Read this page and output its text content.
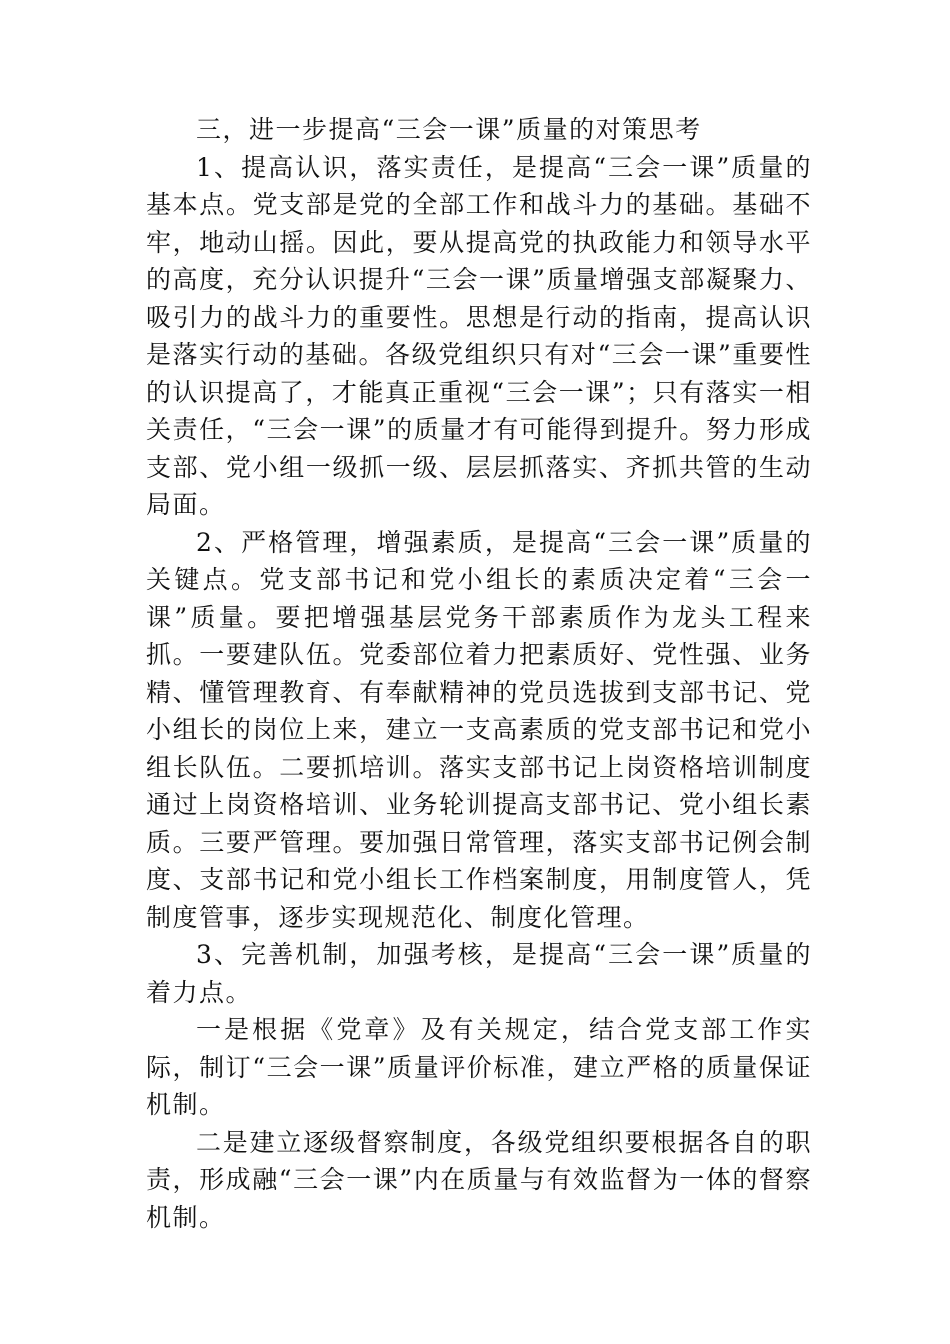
三，进一步提高“三会一课”质量的对策思考

1、提高认识，落实责任，是提高“三会一课”质量的基本点。党支部是党的全部工作和战斗力的基础。基础不牢，地动山摇。因此，要从提高党的执政能力和领导水平的高度，充分认识提升“三会一课”质量增强支部凝聚力、吸引力的战斗力的重要性。思想是行动的指南，提高认识是落实行动的基础。各级党组织只有对“三会一课”重要性的认识提高了，才能真正重视“三会一课”；只有落实一相关责任，“三会一课”的质量才有可能得到提升。努力形成支部、党小组一级抓一级、层层抓落实、齐抓共管的生动局面。

2、严格管理，增强素质，是提高“三会一课”质量的关键点。党支部书记和党小组长的素质决定着“三会一课”质量。要把增强基层党务干部素质作为龙头工程来抓。一要建队伍。党委部位着力把素质好、党性强、业务精、懂管理教育、有奉献精神的党员选拔到支部书记、党小组长的岗位上来，建立一支高素质的党支部书记和党小组长队伍。二要抓培训。落实支部书记上岗资格培训制度通过上岗资格培训、业务轮训提高支部书记、党小组长素质。三要严管理。要加强日常管理，落实支部书记例会制度、支部书记和党小组长工作档案制度，用制度管人，凭制度管事，逐步实现规范化、制度化管理。

3、完善机制，加强考核，是提高“三会一课”质量的着力点。

一是根据《党章》及有关规定，结合党支部工作实际，制订“三会一课”质量评价标准，建立严格的质量保证机制。

二是建立逐级督察制度，各级党组织要根据各自的职责，形成融“三会一课”内在质量与有效监督为一体的督察机制。
